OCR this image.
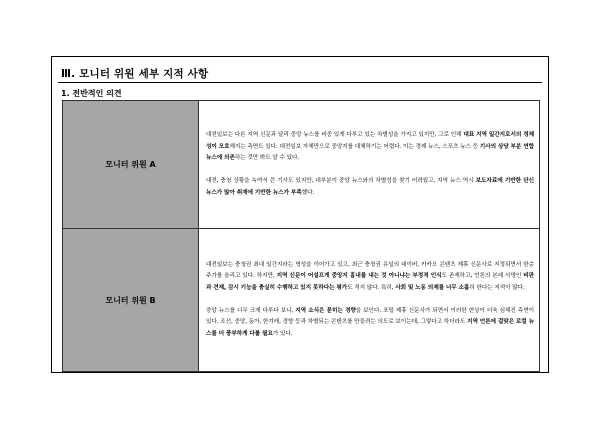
Ⅲ. 모니터 위원 세부 지적 사항
1. 전반적인 의견
모니터 위원 A	대전일보는 다른 지역 신문과 달리 중앙 뉴스를 비중 있게 다루고 있는 차별성을 가지고 있지만, 그로 인해 대표 지역 일간지로서의 정체성이 모호해지는 측면도 있다. 대전일보 자체만으로 중앙지를 대체하기는 어렵다. 이는 경제 뉴스, 스포츠 뉴스 등 기사의 상당 부분 연합뉴스에 의존하는 것만 봐도 알 수 있다.

대전, 충청 상황을 녹여서 쓴 기사도 있지만, 대부분이 중앙 뉴스와의 차별성을 찾기 어려웠고, 지역 뉴스 역시 보도자료에 기반한 단신 뉴스가 많아 취재에 기반한 뉴스가 부족했다.

모니터 위원 B	대전일보는 충청권 최대 일간지라는 명성을 이어가고 있고, 최근 충청권 유일의 네이버, 카카오 콘텐츠 제휴 신문사로 지정되면서 한층 주가를 올리고 있다. 하지만, 지역 신문이 어설프게 중앙지 흉내를 내는 것 아니냐는 부정적 인식도 존재하고, 언론의 본래 사명인 비판과 견제, 감시 기능을 충실히 수행하고 있지 못하다는 평가도 적지 않다. 특히, 사회 및 노동 의제를 너무 소홀히 한다는 지적이 많다.

중앙 뉴스를 너무 크게 다루다 보니, 지역 소식은 묻히는 경향을 보인다. 포털 제휴 신문사가 되면서 이러한 현상이 더욱 심해진 측면이 있다. 조선, 중앙, 동아, 한겨레, 경향 등과 차별되는 콘텐츠를 만들려는 의도로 보이는데, 그렇다고 하더라도 지역 언론에 걸맞은 로컬 뉴스를 더 풍부하게 다룰 필요가 있다.
